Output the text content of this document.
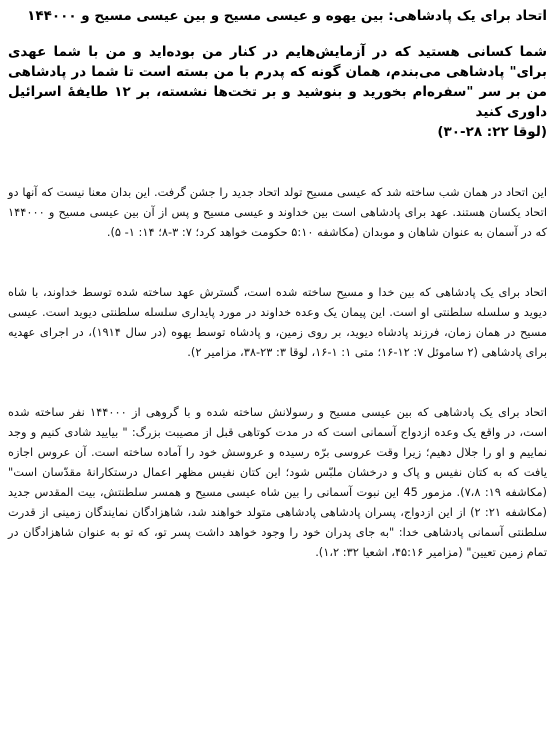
اتحاد برای یک پادشاهی: بین یهوه و عیسی مسیح و بین عیسی مسیح و ۱۴۴۰۰۰
شما کسانی هستید که در آزمایش‌هایم در کنار من بوده‌اید و من با شما عهدی برای" پادشاهی می‌بندم، همان گونه که پدرم با من بسته است تا شما در پادشاهی من بر سر "سفره‌ام بخورید و بنوشید و بر تخت‌ها نشسته، بر ۱۲ طایفهٔ اسرائیل داوری کنید
(لوقا ۲۲: ۲۸-۳۰)

این اتحاد در همان شب ساخته شد که عیسی مسیح تولد اتحاد جدید را جشن گرفت. این بدان معنا نیست که آنها دو اتحاد یکسان هستند. عهد برای پادشاهی است بین خداوند و عیسی مسیح و پس از آن بین عیسی مسیح و ۱۴۴۰۰۰ که در آسمان به عنوان شاهان و موبدان (مکاشفه ۵:۱۰ حکومت خواهد کرد؛ ۷: ۳-۸؛ ۱۴: ۱- ۵).

اتحاد برای یک پادشاهی که بین خدا و مسیح ساخته شده است، گسترش عهد ساخته شده توسط خداوند، با شاه دیوید و سلسله سلطنتی او است. این پیمان یک وعده خداوند در مورد پایداری سلسله سلطنتی دیوید است. عیسی مسیح در همان زمان، فرزند پادشاه دیوید، بر روی زمین، و پادشاه توسط یهوه (در سال ۱۹۱۴)، در اجرای عهدیه برای پادشاهی (۲ ساموئل ۷: ۱۲-۱۶؛ متی ۱: ۱-۱۶، لوقا ۳: ۲۳-۳۸، مزامیر ۲).

اتحاد برای یک پادشاهی که بین عیسی مسیح و رسولانش ساخته شده و با گروهی از ۱۴۴۰۰۰ نفر ساخته شده است، در واقع یک وعده ازدواج آسمانی است که در مدت کوتاهی قبل از مصیبت بزرگ: " بیایید شادی کنیم و وجد نماییم و او را جلال دهیم؛ زیرا وقت عروسی برّه رسیده و عروسش خود را آماده ساخته است. آن عروس اجازه یافت که به کتان نفیس و پاک و درخشان ملبّس شود؛ این کتان نفیس مظهر اعمال درستکارانهٔ مقدّسان است" (مکاشفه ۱۹: ۷،۸). مزمور 45 این نبوت آسمانی را بین شاه عیسی مسیح و همسر سلطنتش، بیت المقدس جدید (مکاشفه ۲۱: ۲) از این ازدواج، پسران پادشاهی پادشاهی متولد خواهند شد، شاهزادگان نمایندگان زمینی از قدرت سلطنتی آسمانی پادشاهی خدا: "به جای پدران خود را وجود خواهد داشت پسر تو، که تو به عنوان شاهزادگان در تمام زمین تعیین" (مزامیر ۴۵:۱۶، اشعیا ۳۲: ۱،۲).
